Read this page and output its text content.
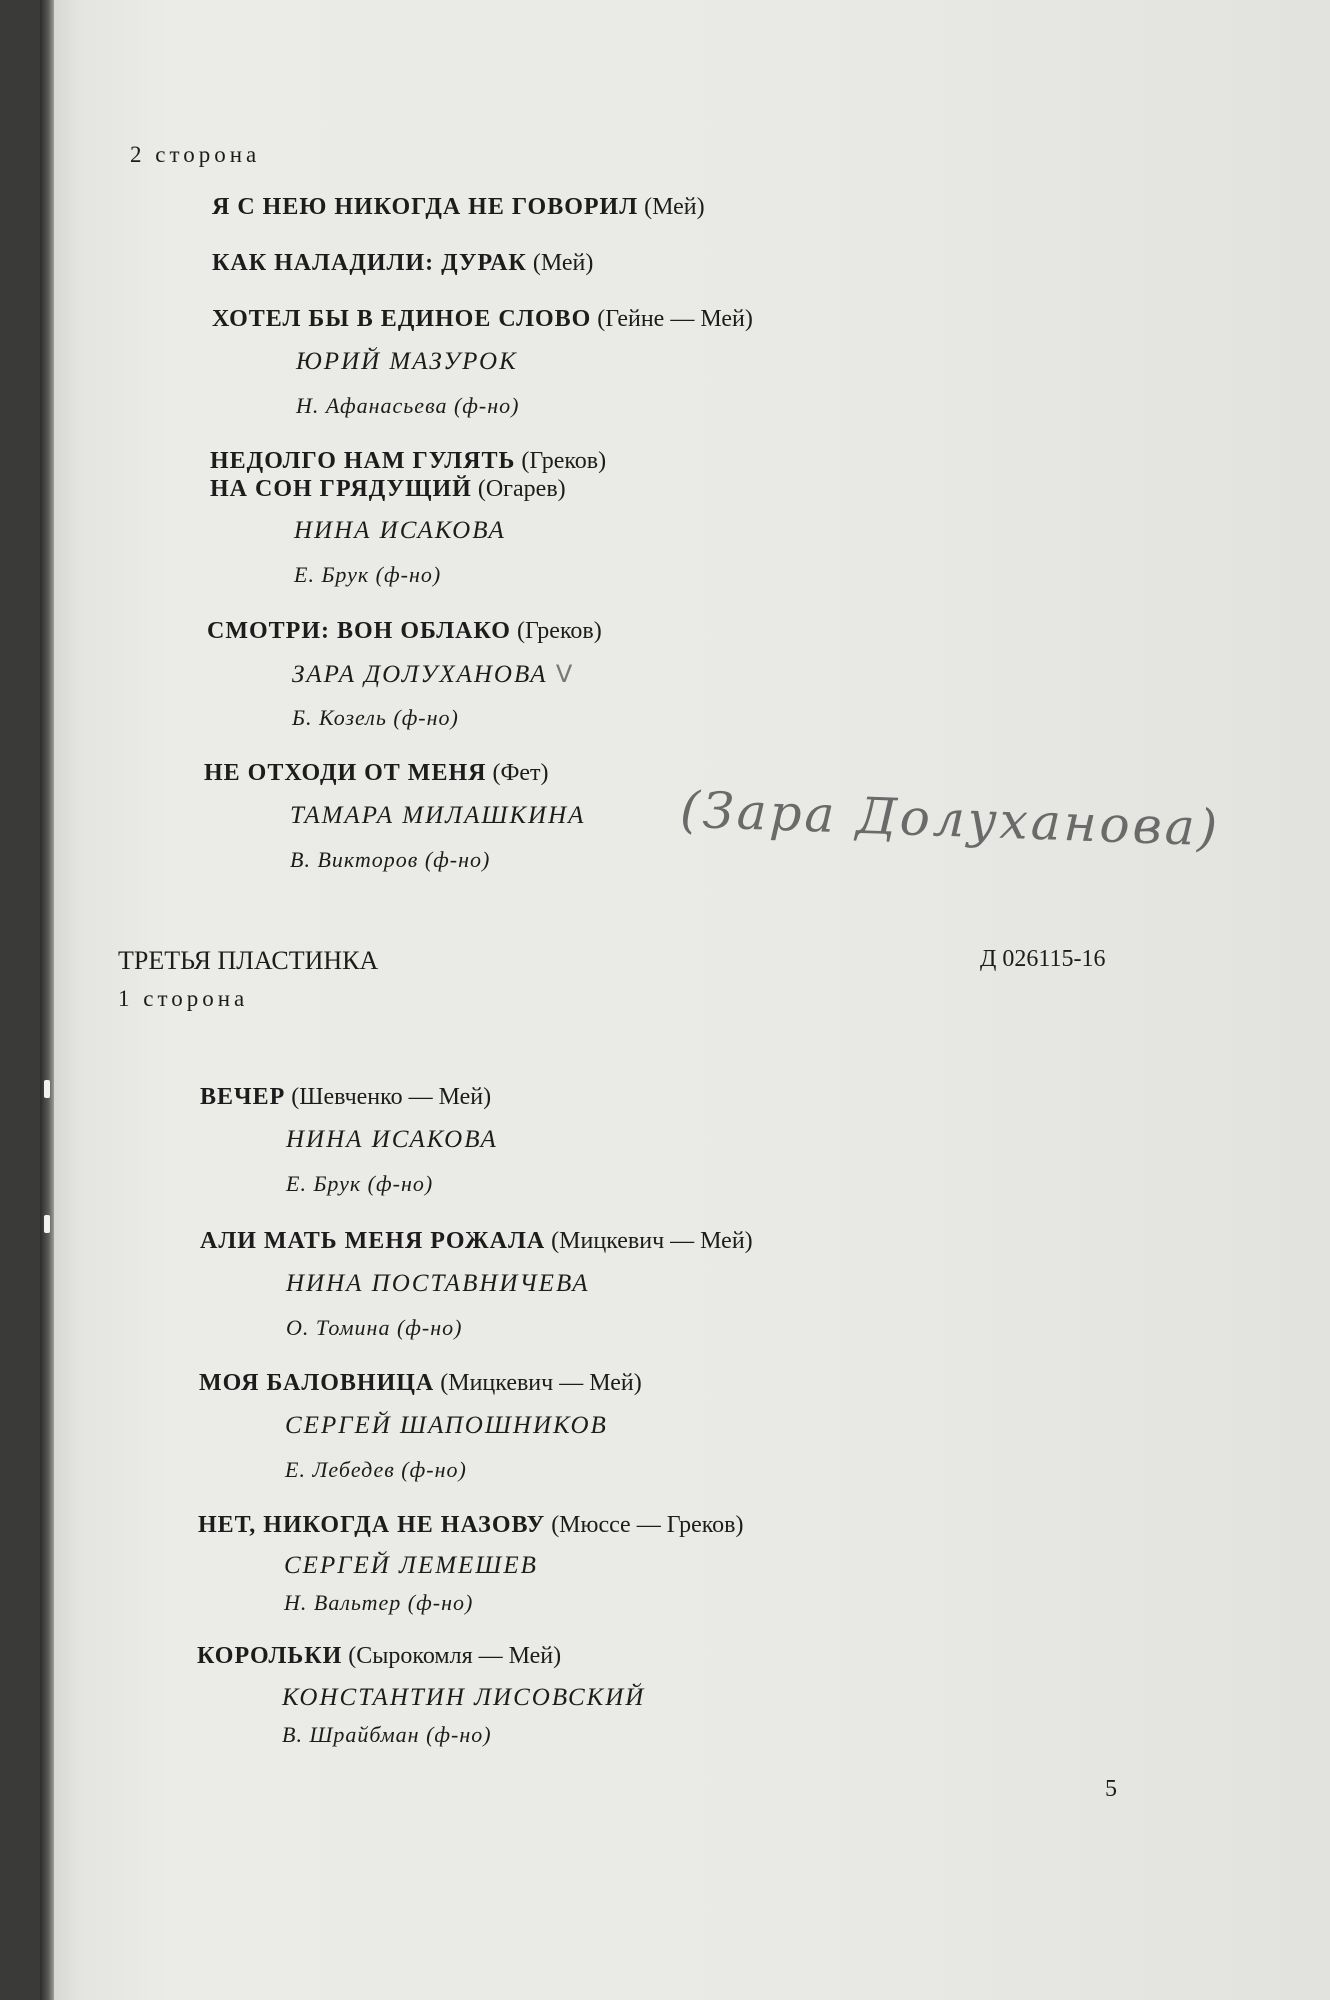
2 сторона
Я С НЕЮ НИКОГДА НЕ ГОВОРИЛ (Мей)
КАК НАЛАДИЛИ: ДУРАК (Мей)
ХОТЕЛ БЫ В ЕДИНОЕ СЛОВО (Гейне — Мей)
ЮРИЙ МАЗУРОК
Н. Афанасьева (ф-но)
НЕДОЛГО НАМ ГУЛЯТЬ (Греков)
НА СОН ГРЯДУЩИЙ (Огарев)
НИНА ИСАКОВА
Е. Брук (ф-но)
СМОТРИ: ВОН ОБЛАКО (Греков)
ЗАРА ДОЛУХАНОВА V
Б. Козель (ф-но)
НЕ ОТХОДИ ОТ МЕНЯ (Фет)
ТАМАРА МИЛАШКИНА
В. Викторов (ф-но)
(Зара Долуханова)
ТРЕТЬЯ ПЛАСТИНКА	Д 026115-16
1 сторона
ВЕЧЕР (Шевченко — Мей)
НИНА ИСАКОВА
Е. Брук (ф-но)
АЛИ МАТЬ МЕНЯ РОЖАЛА (Мицкевич — Мей)
НИНА ПОСТАВНИЧЕВА
О. Томина (ф-но)
МОЯ БАЛОВНИЦА (Мицкевич — Мей)
СЕРГЕЙ ШАПОШНИКОВ
Е. Лебедев (ф-но)
НЕТ, НИКОГДА НЕ НАЗОВУ (Мюссе — Греков)
СЕРГЕЙ ЛЕМЕШЕВ
Н. Вальтер (ф-но)
КОРОЛЬКИ (Сырокомля — Мей)
КОНСТАНТИН ЛИСОВСКИЙ
В. Шрайбман (ф-но)
5
